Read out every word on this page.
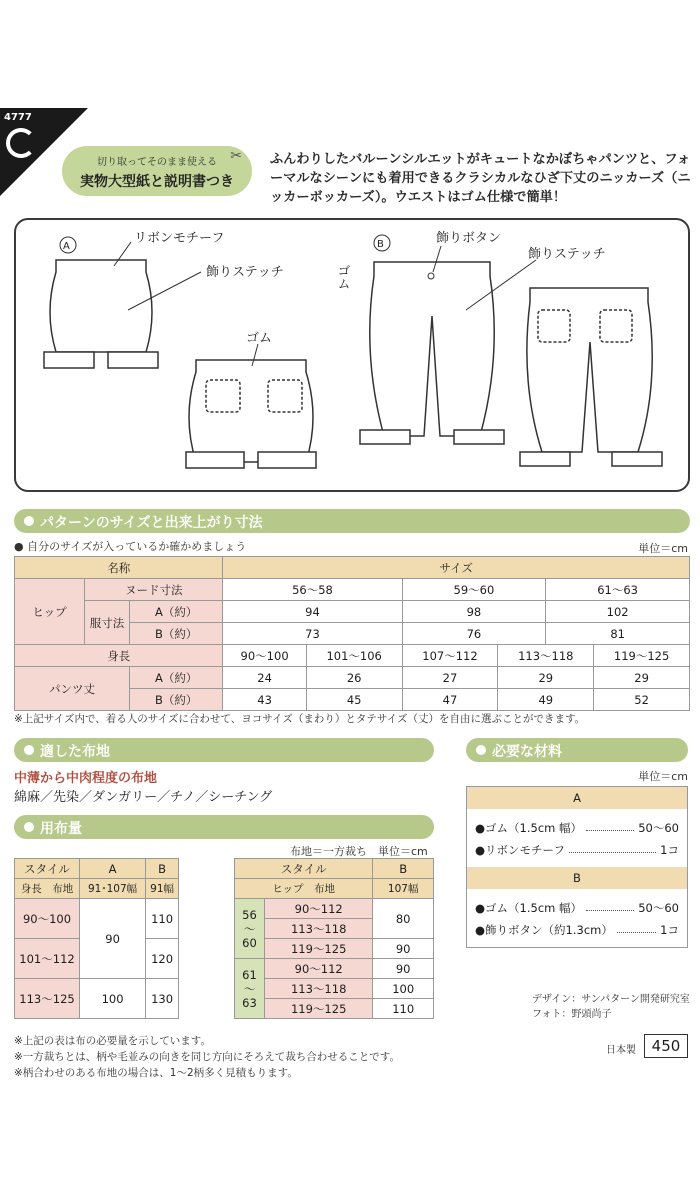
4777
切り取ってそのまま使える
実物大型紙と説明書つき
✂ ふんわりしたバルーンシルエットがキュートなかぼちゃパンツと、フォーマルなシーンにも着用できるクラシカルなひざ下丈のニッカーズ（ニッカーボッカーズ）。ウエストはゴム仕様で簡単！
A	B
リボンモチーフ
飾りステッチ
ゴム
飾りボタン
飾りステッチ
ゴム
パターンのサイズと出来上がり寸法
● 自分のサイズが入っているか確かめましょう	単位＝cm
名称			サイズ					
ヒップ	ヌード寸法		56〜58		59〜60		61〜63	
	服寸法	A（約）	94		98		102	
		B（約）	73		76		81	
身長			90〜100	101〜106	107〜112	113〜118		119〜125
パンツ丈		A（約）	24	26	27	29		29
		B（約）	43	45	47	49		52
※上記サイズ内で、着る人のサイズに合わせて、ヨコサイズ（まわり）とタテサイズ（丈）を自由に選ぶことができます。
適した布地
中薄から中肉程度の布地
綿麻／先染／ダンガリー／チノ／シーチング
必要な材料
単位＝cm
A
●ゴム（1.5cm 幅）	50〜60
●リボンモチーフ	1コ
B
●ゴム（1.5cm 幅）	50〜60
●飾りボタン（約1.3cm）	1コ
用布量
布地＝一方裁ち　単位＝cm
スタイル	A	B
身長　 布地	91･107幅	91幅
90〜100	90	110
101〜112		120
113〜125	100	130
スタイル		B
ヒップ　 布地		107幅
56
〜
60	90〜112	80
	113〜118	
	119〜125	90
61
〜
63	90〜112	90
	113〜118	100
	119〜125	110
※上記の表は布の必要量を示しています。
※一方裁ちとは、柄や毛並みの向きを同じ方向にそろえて裁ち合わせることです。
※柄合わせのある布地の場合は、1〜2柄多く見積もります。
デザイン：サンパターン開発研究室
フォト：野頭尚子
日本製	450
